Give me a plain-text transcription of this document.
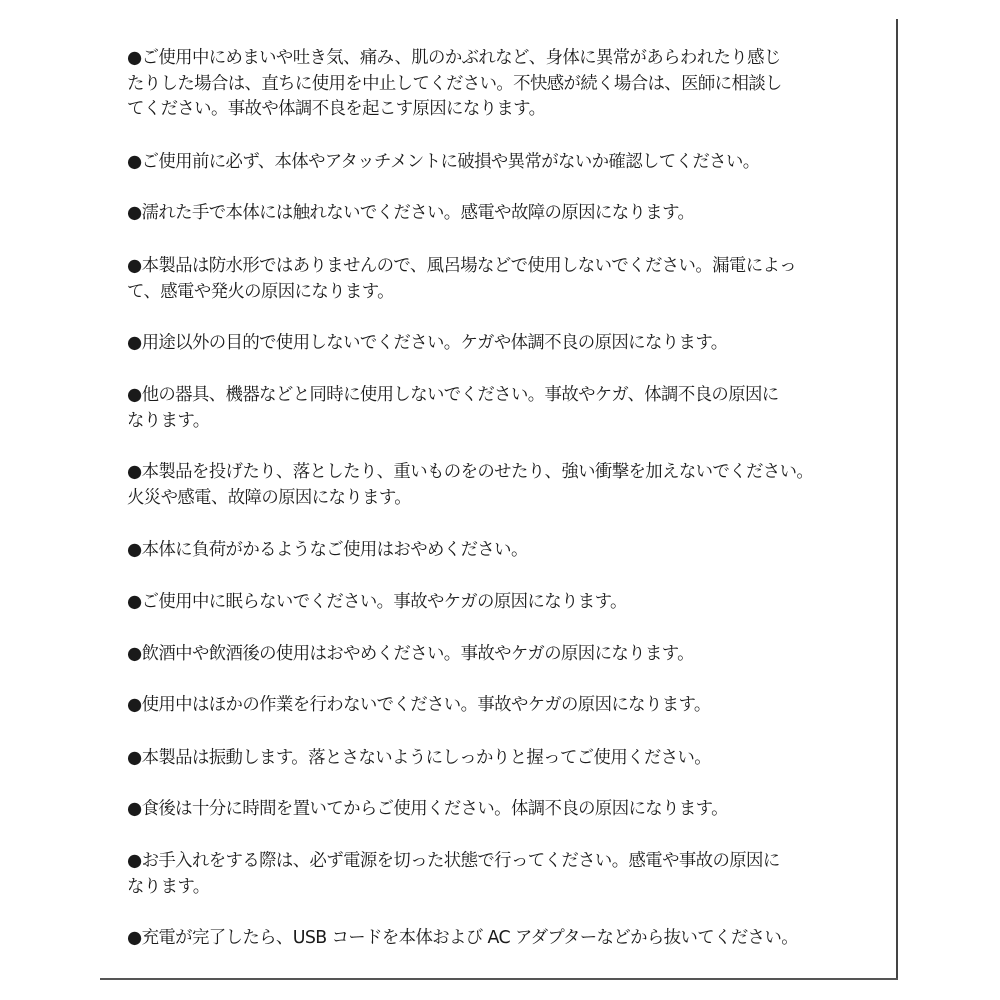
●ご使用中にめまいや吐き気、痛み、肌のかぶれなど、身体に異常があらわれたり感じ
たりした場合は、直ちに使用を中止してください。不快感が続く場合は、医師に相談し
てください。事故や体調不良を起こす原因になります。
●ご使用前に必ず、本体やアタッチメントに破損や異常がないか確認してください。
●濡れた手で本体には触れないでください。感電や故障の原因になります。
●本製品は防水形ではありませんので、風呂場などで使用しないでください。漏電によっ
て、感電や発火の原因になります。
●用途以外の目的で使用しないでください。ケガや体調不良の原因になります。
●他の器具、機器などと同時に使用しないでください。事故やケガ、体調不良の原因に
なります。
●本製品を投げたり、落としたり、重いものをのせたり、強い衝撃を加えないでください。
火災や感電、故障の原因になります。
●本体に負荷がかるようなご使用はおやめください。
●ご使用中に眠らないでください。事故やケガの原因になります。
●飲酒中や飲酒後の使用はおやめください。事故やケガの原因になります。
●使用中はほかの作業を行わないでください。事故やケガの原因になります。
●本製品は振動します。落とさないようにしっかりと握ってご使用ください。
●食後は十分に時間を置いてからご使用ください。体調不良の原因になります。
●お手入れをする際は、必ず電源を切った状態で行ってください。感電や事故の原因に
なります。
●充電が完了したら、USB コードを本体および AC アダプターなどから抜いてください。
